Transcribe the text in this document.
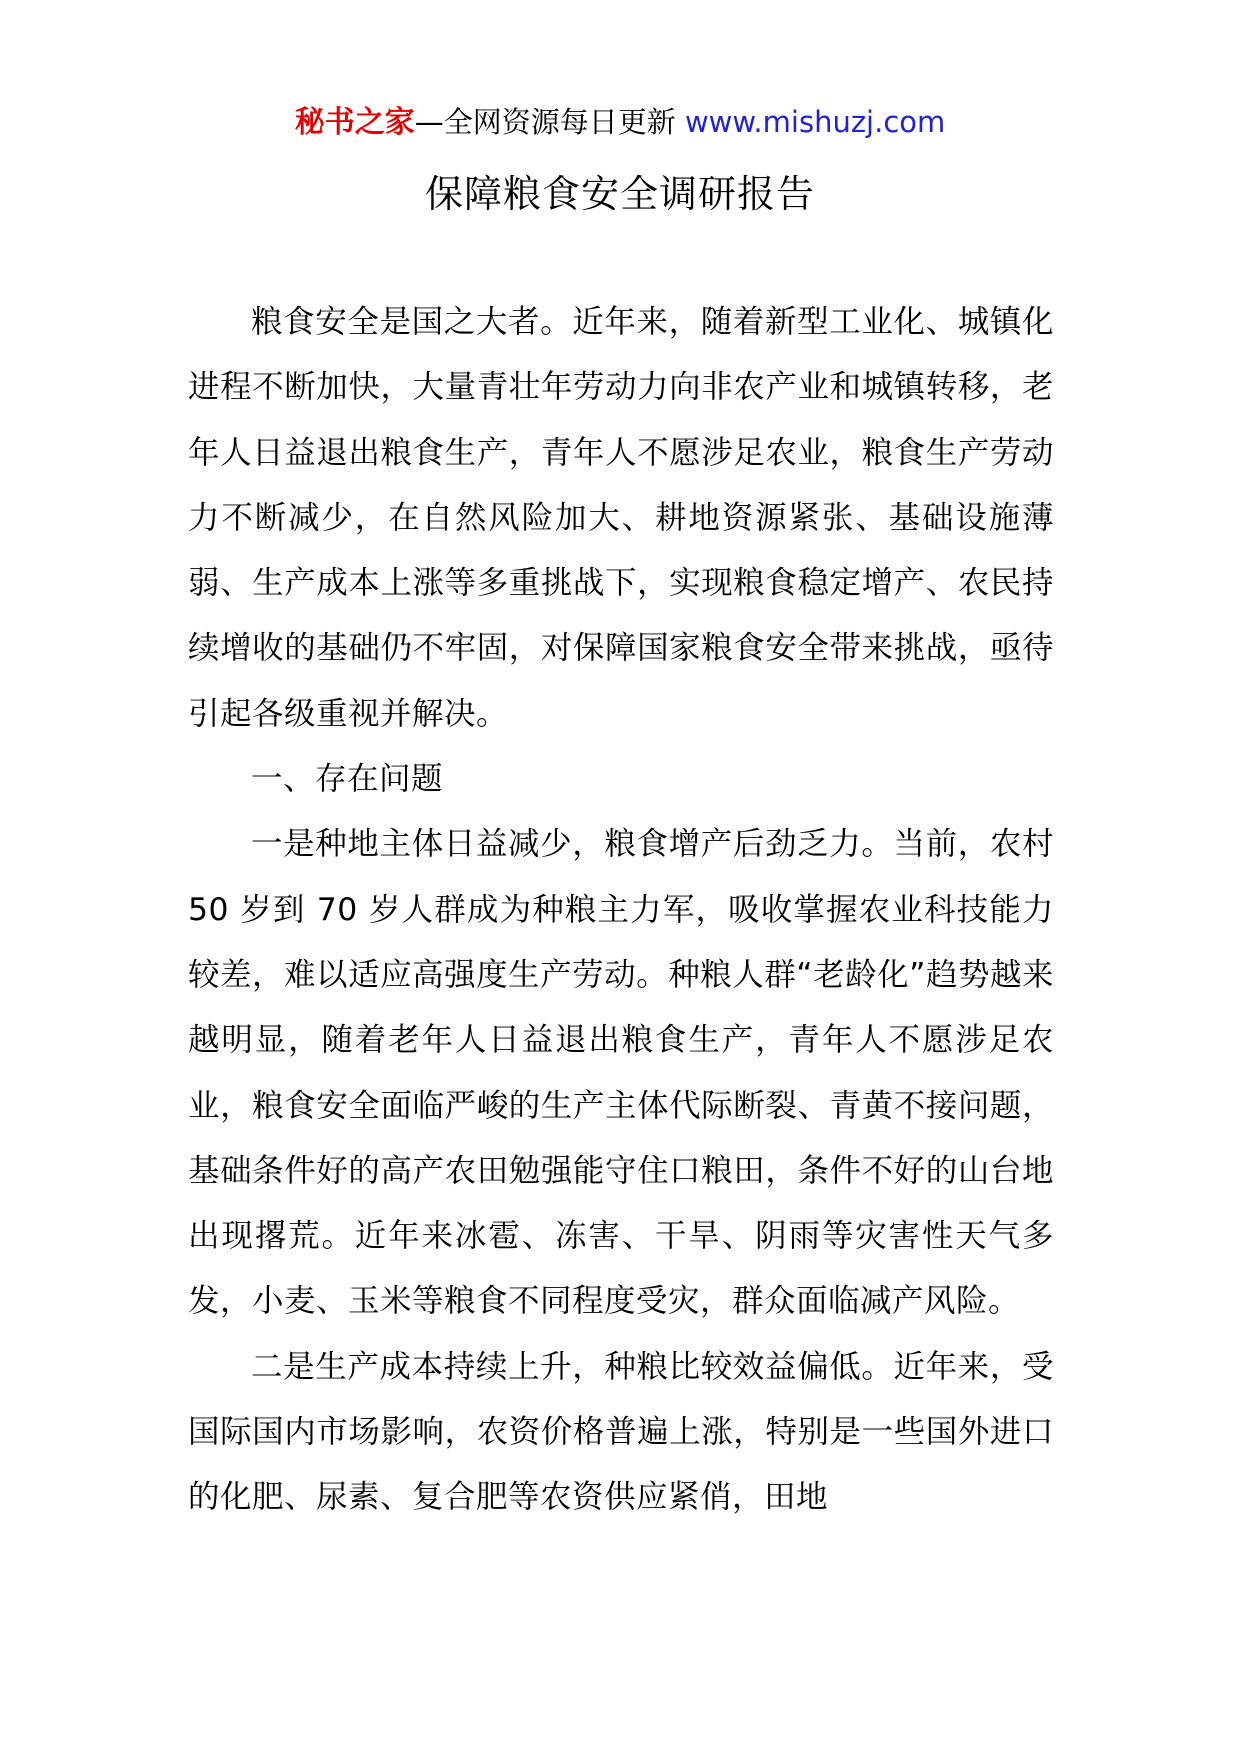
秘书之家—全网资源每日更新 www.mishuzj.com
保障粮食安全调研报告

粮食安全是国之大者。近年来，随着新型工业化、城镇化进程不断加快，大量青壮年劳动力向非农产业和城镇转移，老年人日益退出粮食生产，青年人不愿涉足农业，粮食生产劳动力不断减少，在自然风险加大、耕地资源紧张、基础设施薄弱、生产成本上涨等多重挑战下，实现粮食稳定增产、农民持续增收的基础仍不牢固，对保障国家粮食安全带来挑战，亟待引起各级重视并解决。

一、存在问题

一是种地主体日益减少，粮食增产后劲乏力。当前，农村 50 岁到 70 岁人群成为种粮主力军，吸收掌握农业科技能力较差，难以适应高强度生产劳动。种粮人群“老龄化”趋势越来越明显，随着老年人日益退出粮食生产，青年人不愿涉足农业，粮食安全面临严峻的生产主体代际断裂、青黄不接问题，基础条件好的高产农田勉强能守住口粮田，条件不好的山台地出现撂荒。近年来冰雹、冻害、干旱、阴雨等灾害性天气多发，小麦、玉米等粮食不同程度受灾，群众面临减产风险。

二是生产成本持续上升，种粮比较效益偏低。近年来，受国际国内市场影响，农资价格普遍上涨，特别是一些国外进口的化肥、尿素、复合肥等农资供应紧俏，田地
